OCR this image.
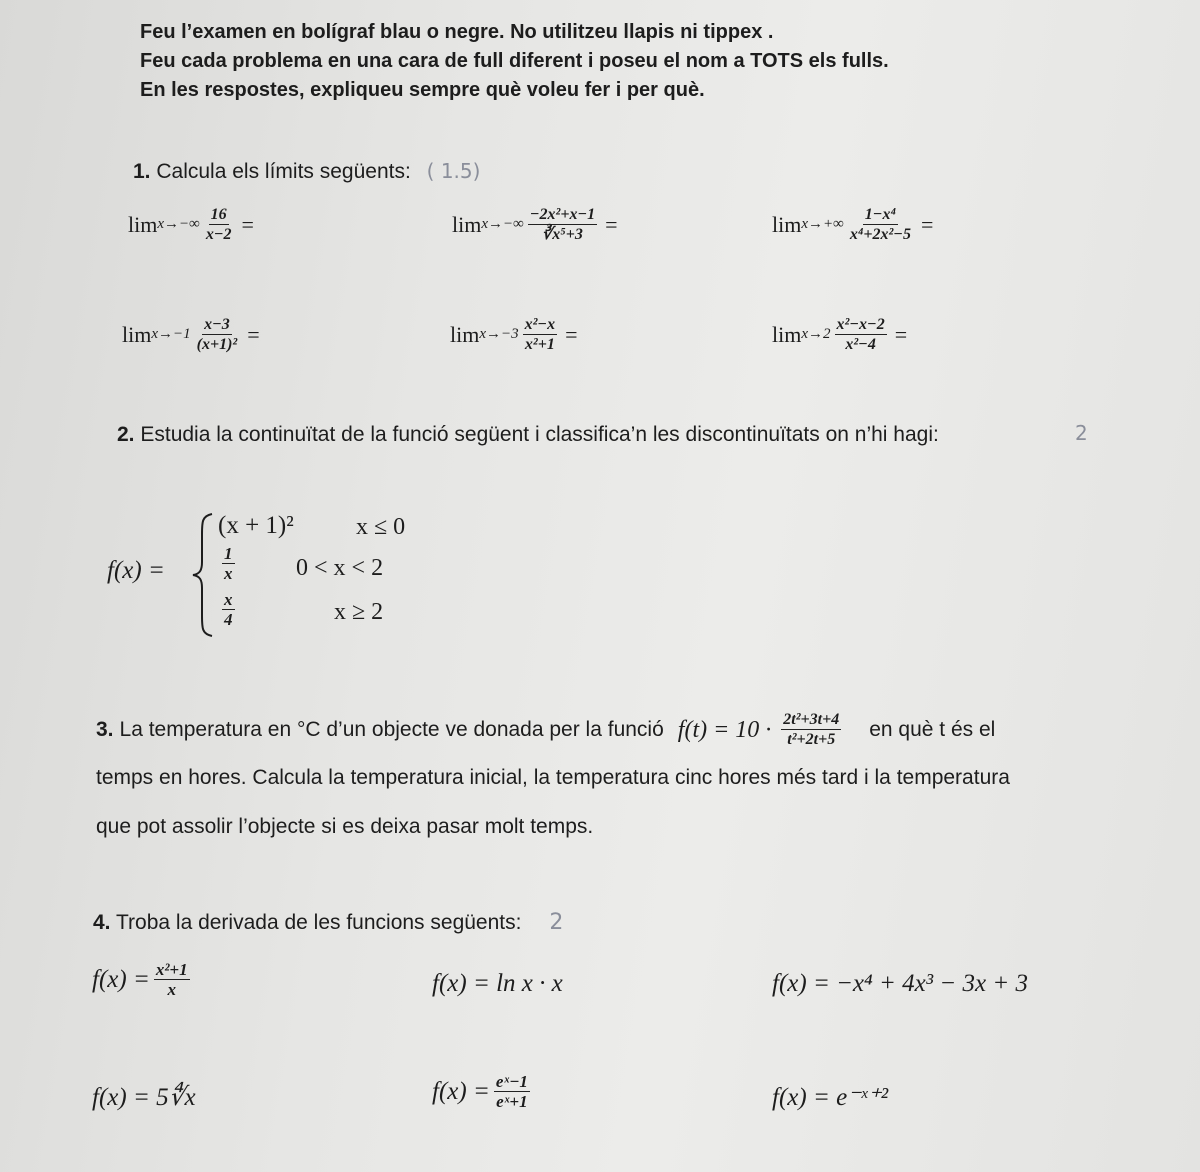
Feu l’examen en bolígraf blau o negre. No utilitzeu llapis ni tippex .
Feu cada problema en una cara de full diferent i poseu el nom a TOTS els fulls.
En les respostes, expliqueu sempre què voleu fer i per què.
1. Calcula els límits següents: ( 1.5)
$\lim x\to-\infty \frac{16}{x-2}$ =	$\lim x\to-\infty \frac{\text{−2x²+x−1}}{\text{∛x⁵+3}}$ =	$\lim x\to+\infty \frac{\text{1−x⁴}}{\text{x⁴+2x²−5}}$ =
$\lim x\to-1 \frac{x-3}{\text{(x+1)²}}$ =	$\lim x\to-3 \frac{\text{x²−x}}{\text{x²+1}}$ =	$\lim x\to 2 \frac{\text{x²−x−2}}{\text{x²−4}}$ =
2. Estudia la continuïtat de la funció següent i classifica’n les discontinuïtats on n’hi hagi:	2
f(x) =
(x + 1)²	x ≤ 0
$\frac{1}{x}$	0 < x < 2
$\frac{x}{4}$	x ≥ 2
3. La temperatura en °C d’un objecte ve donada per la funció $f(t) = 10 \cdot \frac{\text{2t²+3t+4}}{\text{t²+2t+5}}$ en què t és el
temps en hores. Calcula la temperatura inicial, la temperatura cinc hores més tard i la temperatura
que pot assolir l’objecte si es deixa pasar molt temps.
4. Troba la derivada de les funcions següents: 2
$f(x) = \frac{\text{x²+1}}{x}$	f(x) = ln x · x	f(x) = −x⁴ + 4x³ − 3x + 3
f(x) = 5∜x	$f(x) = \frac{\text{eˣ−1}}{\text{eˣ+1}}$	f(x) = e⁻ˣ⁺²
